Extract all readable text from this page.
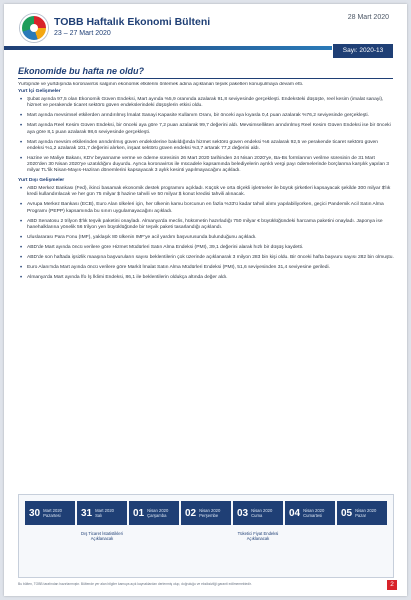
TOBB Haftalık Ekonomi Bülteni
23 – 27 Mart 2020
28 Mart 2020
Sayı: 2020-13
Ekonomide bu hafta ne oldu?
Yurtiçinde ve yurtdışında koronavirüs salgının ekonomik etkilerini önlemek adına açıklanan teşvik paketleri konuşulmaya devam etti.
Yurt İçi Gelişmeler
• Şubat ayında 97,5 olan Ekonomik Güven Endeksi, Mart ayında %5,9 oranında azalarak 91,8 seviyesinde gerçekleşti. Endeksteki düşüşte, reel kesim (imalat sanayi), hizmet ve perakende ticaret sektörü güven endekslerindeki düşüşlerin etkisi oldu.
• Mart ayında mevsimsel etkilerden arındırılmış İmalat Sanayi Kapasite Kullanım Oranı, bir önceki aya kıyasla 0,4 puan azalarak %76,2 seviyesinde gerçekleşti.
• Mart ayında Reel Kesim Güven Endeksi, bir önceki aya göre 7,2 puan azalarak 99,7 değerini aldı. Mevsimsellikten arındırılmış Reel Kesim Güven Endeksi ise bir önceki aya göre 8,1 puan azalarak 98,6 seviyesinde gerçekleşti.
• Mart ayında mevsim etkilerinden arındırılmış güven endekslerine bakıldığında hizmet sektörü güven endeksi %6 azalarak 92,5 ve perakende ticaret sektörü güven endeksi %1,2 azalarak 101,7 değerini alırken, inşaat sektörü güven endeksi %3,7 artarak 77,2 değerini aldı.
• Hazine ve Maliye Bakanı, KDV beyanname verme ve ödeme süresinin 26 Mart 2020 tarihinden 24 Nisan 2020'ye, Ba-Bs formlarının verilme süresinin de 31 Mart 2020'den 30 Nisan 2020'ye uzatıldığını duyurdu. Ayrıca koronavirüs ile mücadele kapsamında belediyelerin ayrıklı vergi payı ödemelerinde borçlanma karşılık yapılan 3 milyar TL'lik Nisan-Mayıs-Haziran dönemlerini kapsayacak 3 aylık kesinti yapılmayacağını açıkladı.
Yurt Dışı Gelişmeler
• ABD Merkez Bankası (Fed), ikinci basamak ekonomik destek programını açıkladı. Küçük ve orta ölçekli işletmeler ile büyük şirketleri kapsayacak şekilde 300 milyar $'lık kredi kullandırılacak ve her gün 75 milyar $ hazine tahvili ve 50 milyar $ konut kredisi tahvili alınacak.
• Avrupa Merkez Bankası (ECB), Euro Alan ülkeleri için, her ülkenin kamu borcunun en fazla %33'ü kadar tahvil alımı yapılabiliyorken, geçici Pandemik Acil Satın Alma Programı (PEPP) kapsamında bu sınırı uygulamayacağını açıkladı.
• ABD Senatosu 2 trilyon $'lık teşvik paketini onayladı. Almanya'da meclis, hükümetin hazırladığı 750 milyar € büyüklüğündeki harcama paketini onayladı. Japonya ise hanehalklarına yönelik 56 trilyon yen büyüklüğünde bir teşvik paketi tasarlandığı açıklandı.
• Uluslararası Para Fonu (IMF), yaklaşık 80 ülkenin IMF'ye acil yardım başvurusunda bulunduğunu açıkladı.
• ABD'de Mart ayında öncü verilere göre Hizmet Müdürleri Satın Alma Endeksi (PMI), 39,1 değerini alarak hızlı bir düşüş kaydetti.
• ABD'de son haftada işsizlik maaşına başvuruların sayısı beklentilerin çok üzerinde açıklanarak 3 milyon 283 bin kişi oldu. Bir önceki hafta başvuru sayısı 282 bin olmuştu.
• Euro Alanı'nda Mart ayında öncü verilere göre Markit İmalat Satın Alma Müdürleri Endeksi (PMI), 51,6 seviyesinden 31,4 seviyesine geriledi.
• Almanya'da Mart ayında İfo İş İklimi Endeksi, 86,1 ile beklentilerin oldukça altında değer aldı.
30 Mart 2020
Pazartesi 31 Mart 2020
Salı	01 Nisan 2020
Çarşamba 02 Nisan 2020
Perşembe 03 Nisan 2020
Cuma	04 Nisan 2020
Cumartesi 05 Nisan 2020
Pazar
Dış Ticaret İstatistikleri Açıklanacak
Tüketici Fiyat Endeksi Açıklanacak
Bu bülten, TOBB tarafından hazırlanmıştır. Bültende yer alan bilgiler kamuya açık kaynaklardan derlenmiş olup, doğruluğu ve eksiksizliği garanti edilmemektedir.	2
